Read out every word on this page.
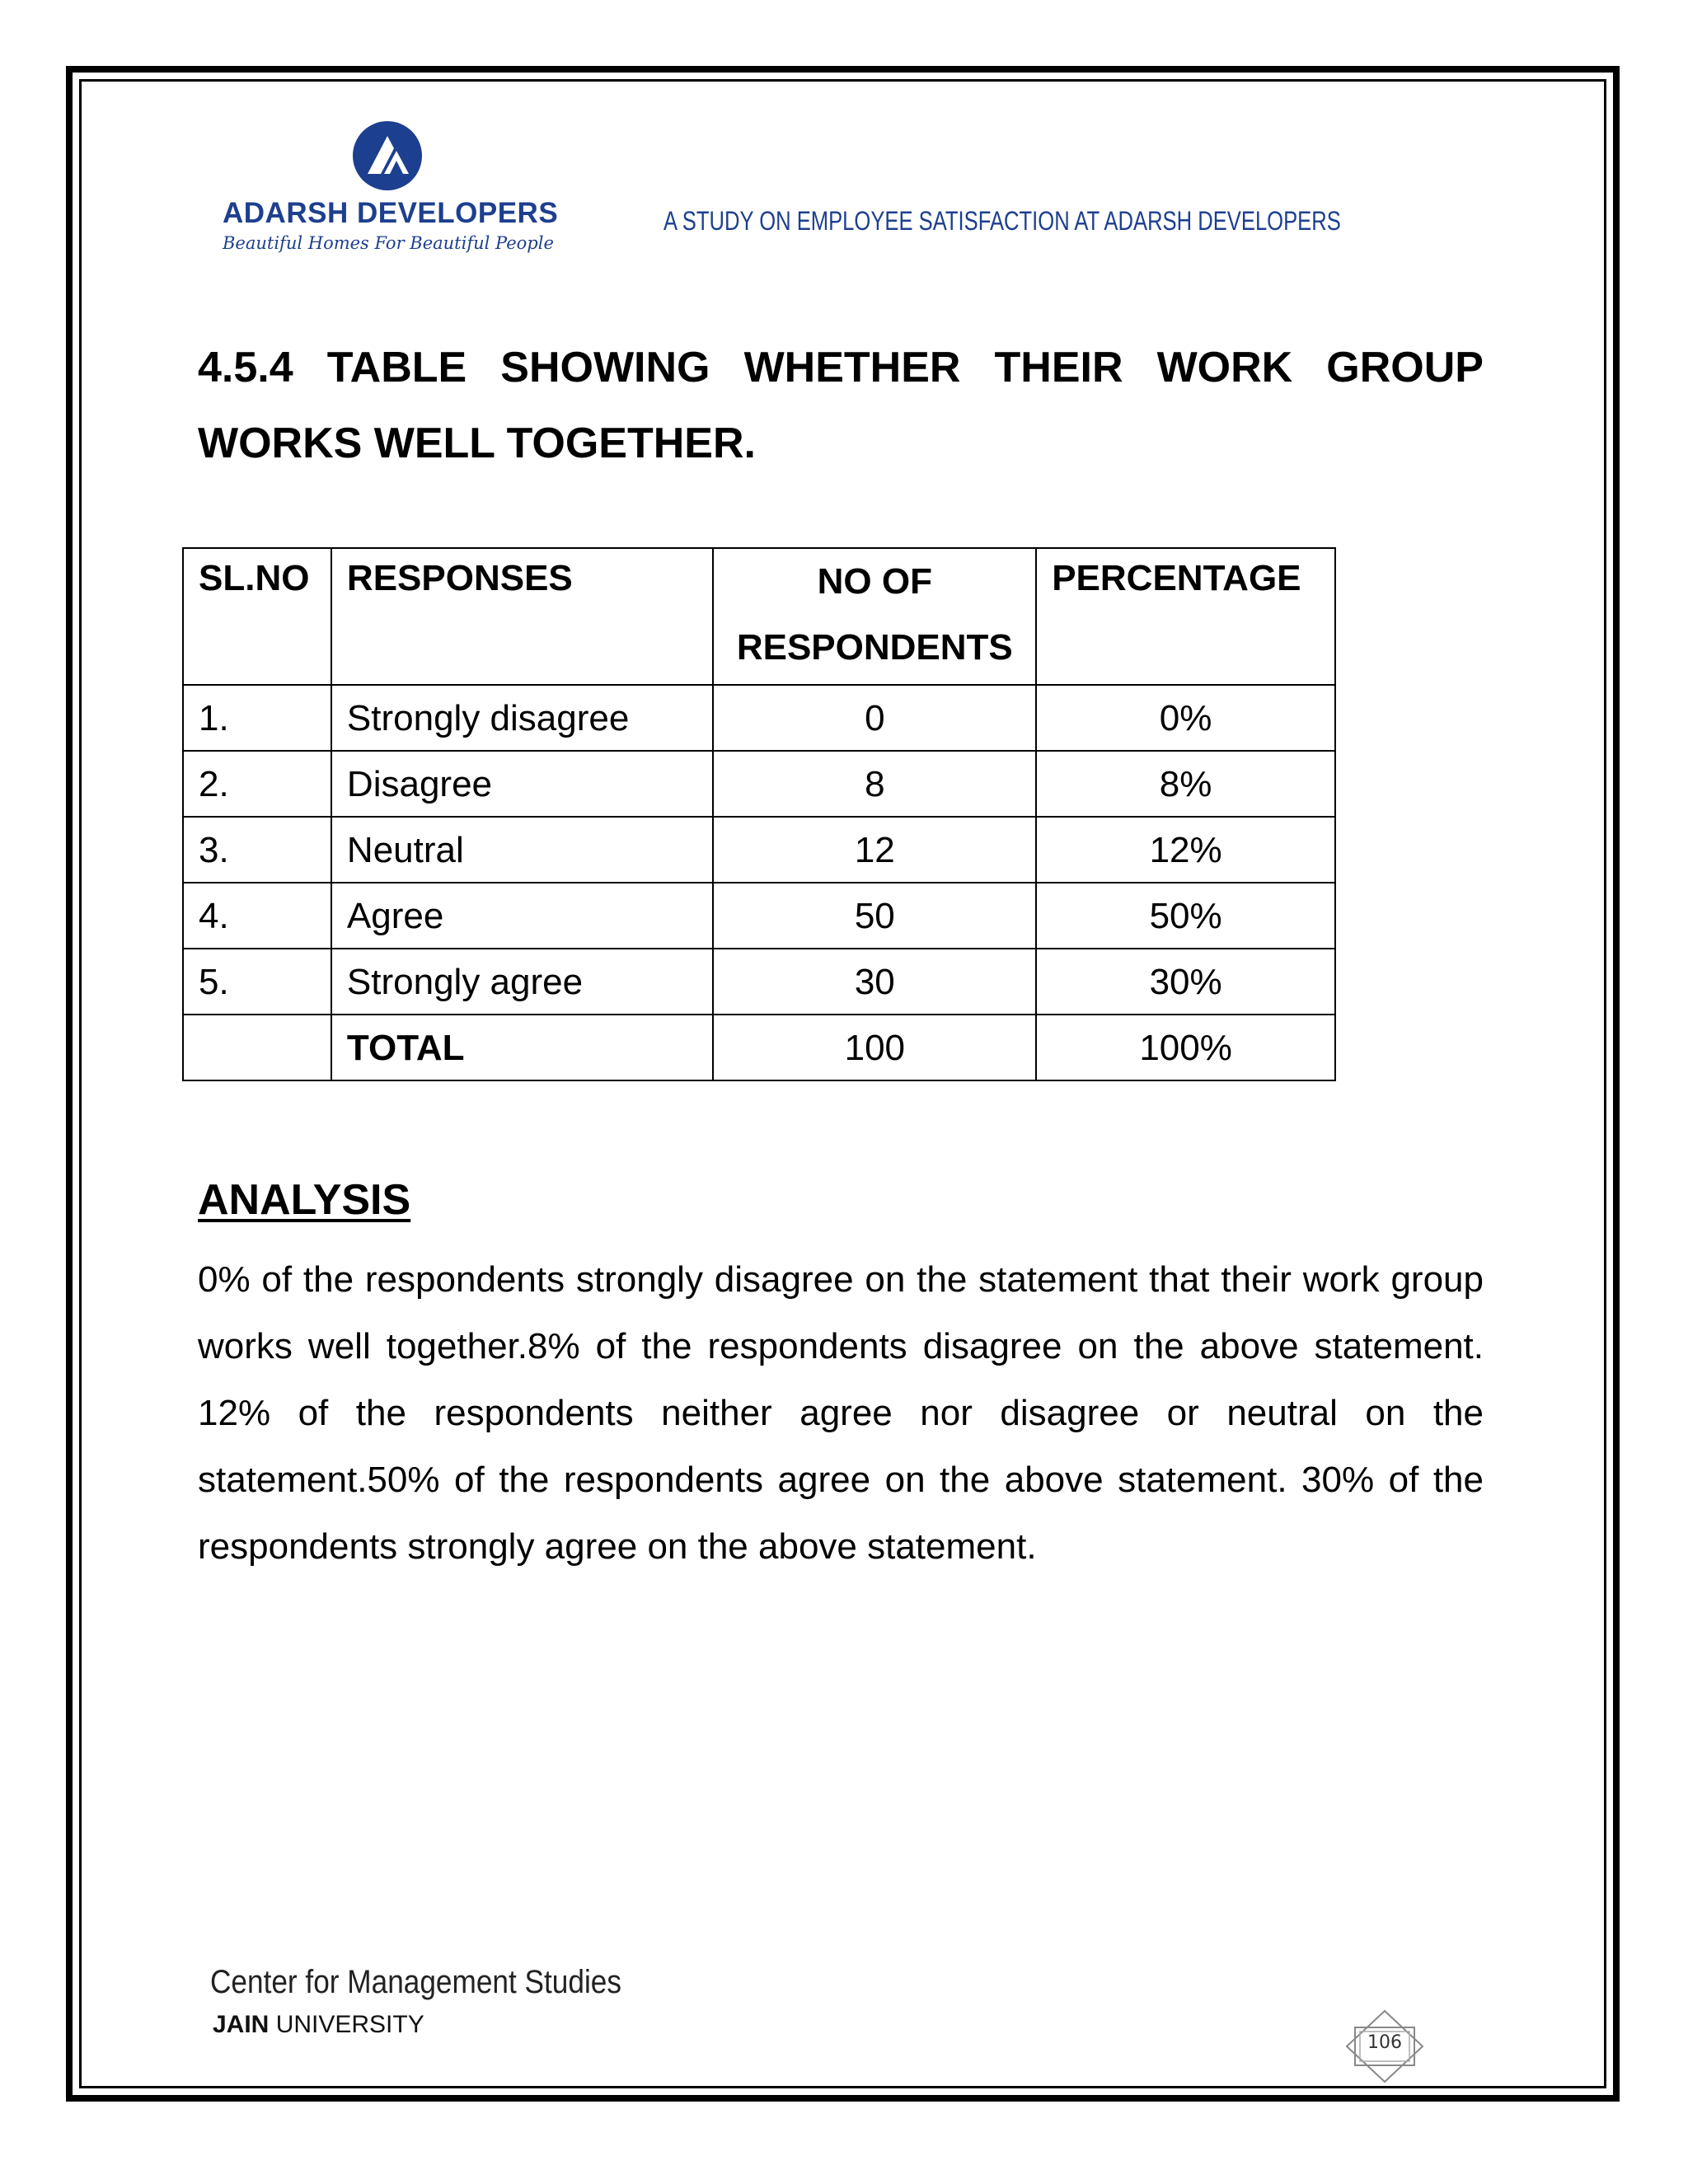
ADARSH DEVELOPERS
Beautiful Homes For Beautiful People
A STUDY ON EMPLOYEE SATISFACTION AT ADARSH DEVELOPERS
4.5.4 TABLE SHOWING WHETHER THEIR WORK GROUP WORKS WELL TOGETHER.
SL.NO	RESPONSES	NO OF RESPONDENTS	PERCENTAGE
1.	Strongly disagree	0	0%
2.	Disagree	8	8%
3.	Neutral	12	12%
4.	Agree	50	50%
5.	Strongly agree	30	30%
	TOTAL	100	100%
ANALYSIS
0% of the respondents strongly disagree on the statement that their work group works well together.8% of the respondents disagree on the above statement. 12% of the respondents neither agree nor disagree or neutral on the statement.50% of the respondents agree on the above statement. 30% of the respondents strongly agree on the above statement.
Center for Management Studies
JAIN UNIVERSITY
106
